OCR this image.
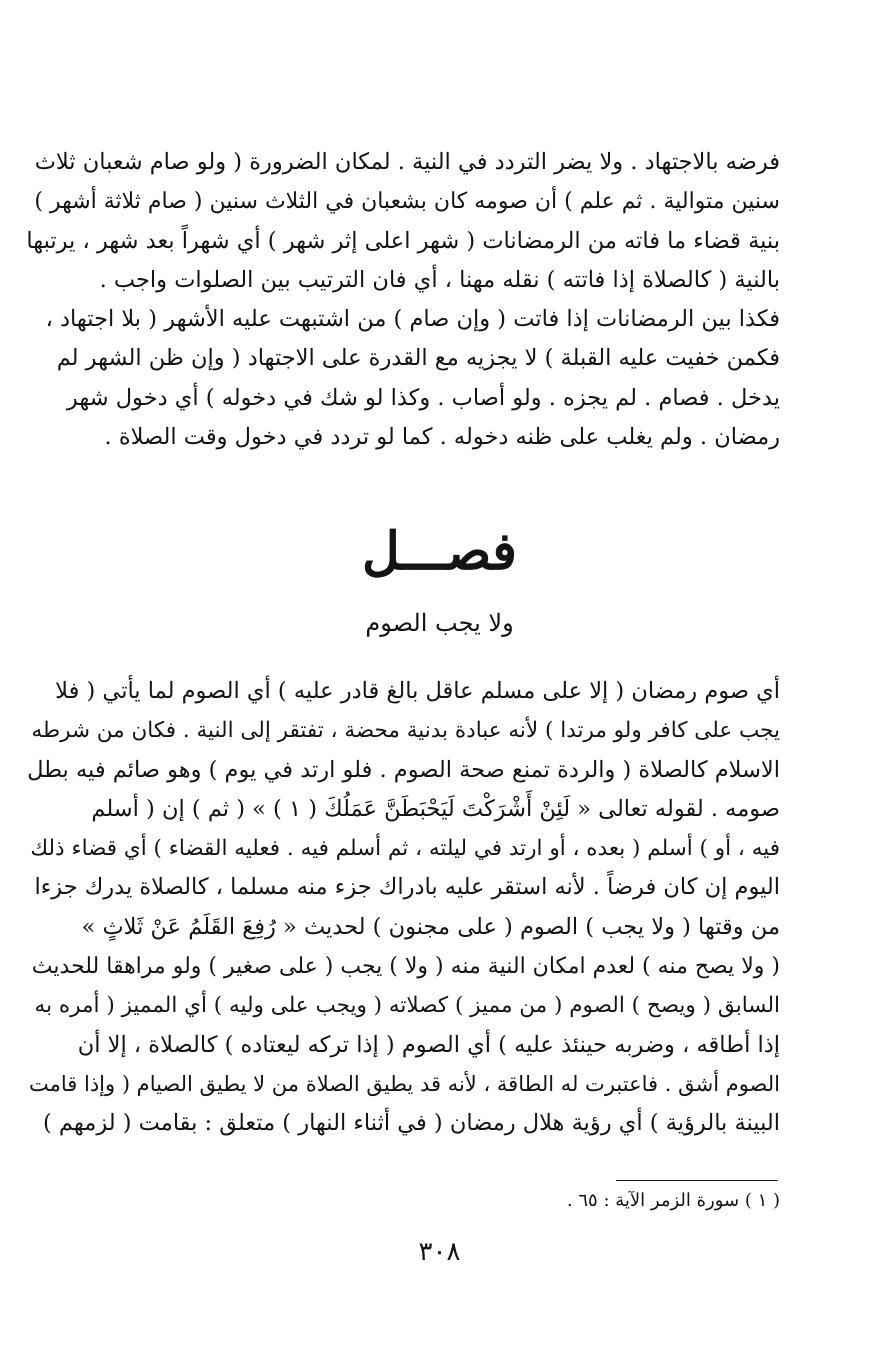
فرضه بالاجتهاد . ولا يضر التردد في النية . لمكان الضرورة ( ولو صام شعبان ثلاث
سنين متوالية . ثم علم ) أن صومه كان بشعبان في الثلاث سنين ( صام ثلاثة أشهر )
بنية قضاء ما فاته من الرمضانات ( شهر اعلى إثر شهر ) أي شهراً بعد شهر ، يرتبها
بالنية ( كالصلاة إذا فاتته ) نقله مهنا ، أي فان الترتيب بين الصلوات واجب .
فكذا بين الرمضانات إذا فاتت ( وإن صام ) من اشتبهت عليه الأشهر ( بلا اجتهاد ،
فكمن خفيت عليه القبلة ) لا يجزيه مع القدرة على الاجتهاد ( وإن ظن الشهر لم
يدخل . فصام . لم يجزه . ولو أصاب . وكذا لو شك في دخوله ) أي دخول شهر
رمضان . ولم يغلب على ظنه دخوله . كما لو تردد في دخول وقت الصلاة .
فصـــل
ولا يجب الصوم
أي صوم رمضان ( إلا على مسلم عاقل بالغ قادر عليه ) أي الصوم لما يأتي ( فلا
يجب على كافر ولو مرتدا ) لأنه عبادة بدنية محضة ، تفتقر إلى النية . فكان من شرطه
الاسلام كالصلاة ( والردة تمنع صحة الصوم . فلو ارتد في يوم ) وهو صائم فيه بطل
صومه . لقوله تعالى « لَئِنْ أَشْرَكْتَ لَيَحْبَطَنَّ عَمَلُكَ ( ١ ) » ( ثم ) إن ( أسلم
فيه ، أو ) أسلم ( بعده ، أو ارتد في ليلته ، ثم أسلم فيه . فعليه القضاء ) أي قضاء ذلك
اليوم إن كان فرضاً . لأنه استقر عليه بادراك جزء منه مسلما ، كالصلاة يدرك جزءا
من وقتها ( ولا يجب ) الصوم ( على مجنون ) لحديث « رُفِعَ القَلَمُ عَنْ ثَلاثٍ »
( ولا يصح منه ) لعدم امكان النية منه ( ولا ) يجب ( على صغير ) ولو مراهقا للحديث
السابق ( ويصح ) الصوم ( من مميز ) كصلاته ( ويجب على وليه ) أي المميز ( أمره به
إذا أطاقه ، وضربه حينئذ عليه ) أي الصوم ( إذا تركه ليعتاده ) كالصلاة ، إلا أن
الصوم أشق . فاعتبرت له الطاقة ، لأنه قد يطيق الصلاة من لا يطيق الصيام ( وإذا قامت
البينة بالرؤية ) أي رؤية هلال رمضان ( في أثناء النهار ) متعلق : بقامت ( لزمهم )
( ١ ) سورة الزمر الآية : ٦٥ .
٣٠٨
